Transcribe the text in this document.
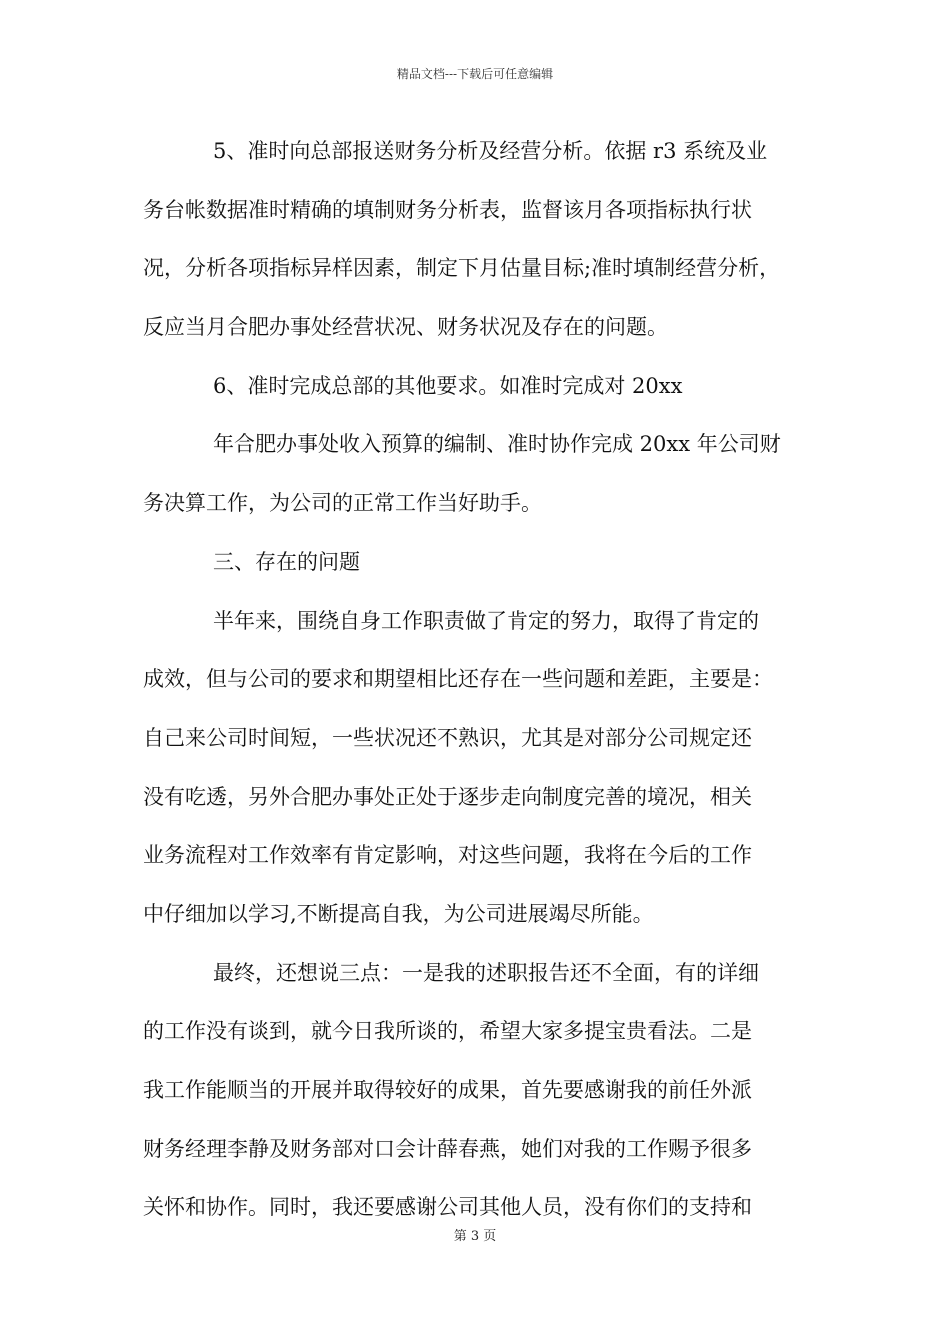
精品文档---下载后可任意编辑
5、准时向总部报送财务分析及经营分析。依据 r3 系统及业
务台帐数据准时精确的填制财务分析表，监督该月各项指标执行状
况，分析各项指标异样因素，制定下月估量目标;准时填制经营分析，
反应当月合肥办事处经营状况、财务状况及存在的问题。
6、准时完成总部的其他要求。如准时完成对 20xx
年合肥办事处收入预算的编制、准时协作完成 20xx 年公司财
务决算工作，为公司的正常工作当好助手。
三、存在的问题
半年来，围绕自身工作职责做了肯定的努力，取得了肯定的
成效，但与公司的要求和期望相比还存在一些问题和差距，主要是：
自己来公司时间短，一些状况还不熟识，尤其是对部分公司规定还
没有吃透，另外合肥办事处正处于逐步走向制度完善的境况，相关
业务流程对工作效率有肯定影响，对这些问题，我将在今后的工作
中仔细加以学习,不断提高自我，为公司进展竭尽所能。
最终，还想说三点：一是我的述职报告还不全面，有的详细
的工作没有谈到，就今日我所谈的，希望大家多提宝贵看法。二是
我工作能顺当的开展并取得较好的成果，首先要感谢我的前任外派
财务经理李静及财务部对口会计薛春燕，她们对我的工作赐予很多
关怀和协作。同时，我还要感谢公司其他人员，没有你们的支持和
第 3 页
